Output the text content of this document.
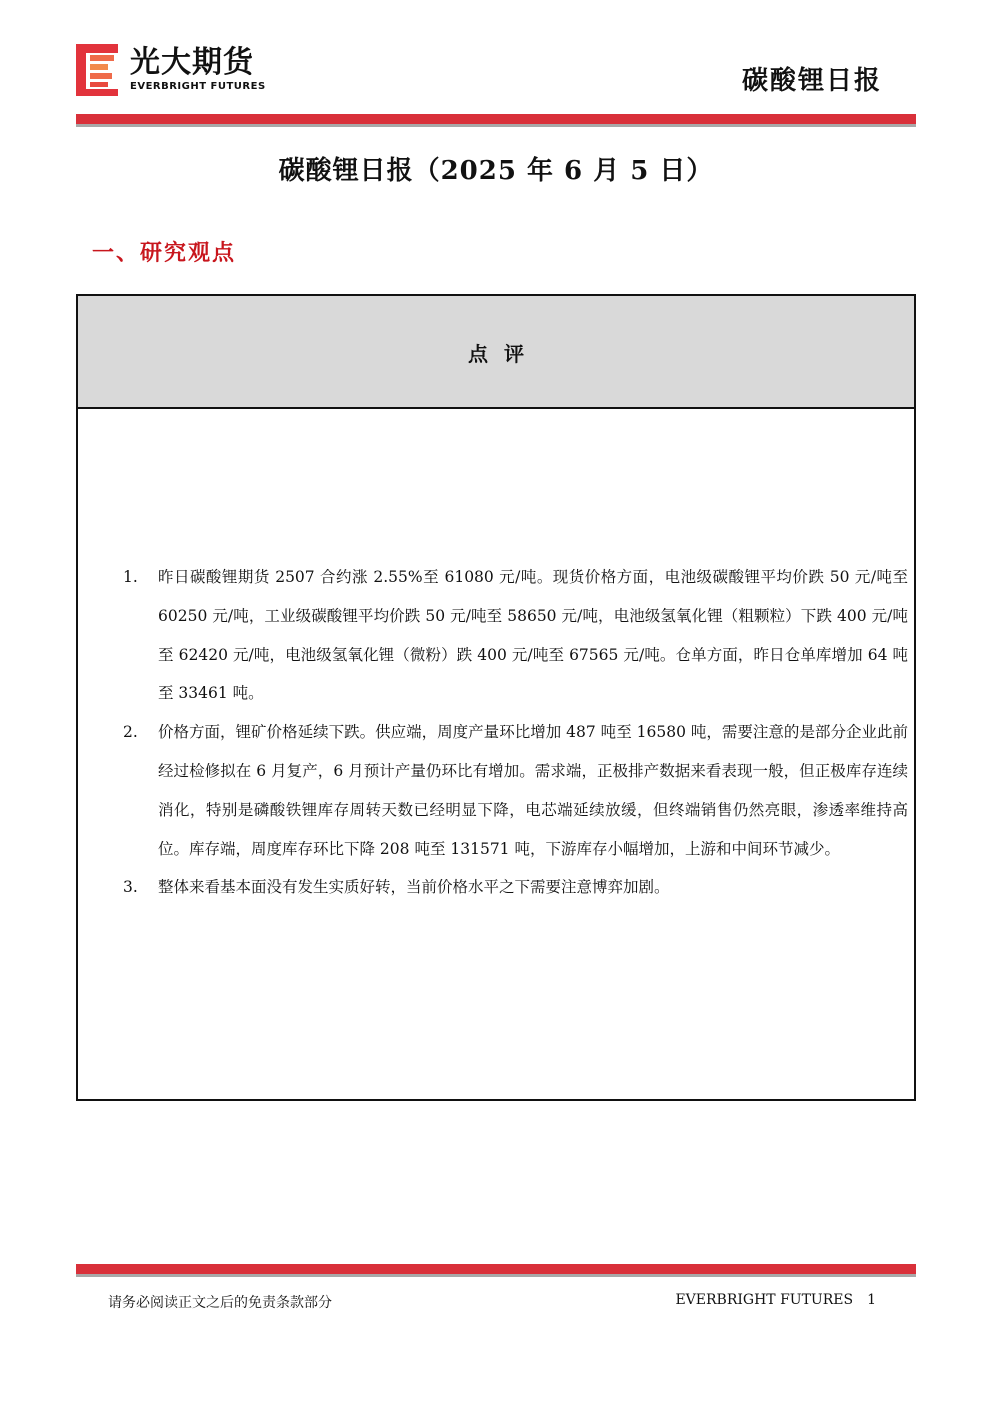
光大期货
EVERBRIGHT FUTURES	碳酸锂日报
碳酸锂日报（2025 年 6 月 5 日）
一、研究观点
点评
1. 昨日碳酸锂期货 2507 合约涨 2.55%至 61080 元/吨。现货价格方面，电池级碳酸锂平均价跌 50 元/吨至 60250 元/吨，工业级碳酸锂平均价跌 50 元/吨至 58650 元/吨，电池级氢氧化锂（粗颗粒）下跌 400 元/吨至 62420 元/吨，电池级氢氧化锂（微粉）跌 400 元/吨至 67565 元/吨。仓单方面，昨日仓单库增加 64 吨至 33461 吨。
2. 价格方面，锂矿价格延续下跌。供应端，周度产量环比增加 487 吨至 16580 吨，需要注意的是部分企业此前经过检修拟在 6 月复产，6 月预计产量仍环比有增加。需求端，正极排产数据来看表现一般，但正极库存连续消化，特别是磷酸铁锂库存周转天数已经明显下降，电芯端延续放缓，但终端销售仍然亮眼，渗透率维持高位。库存端，周度库存环比下降 208 吨至 131571 吨，下游库存小幅增加，上游和中间环节减少。
3. 整体来看基本面没有发生实质好转，当前价格水平之下需要注意博弈加剧。
请务必阅读正文之后的免责条款部分	EVERBRIGHT FUTURES 1
